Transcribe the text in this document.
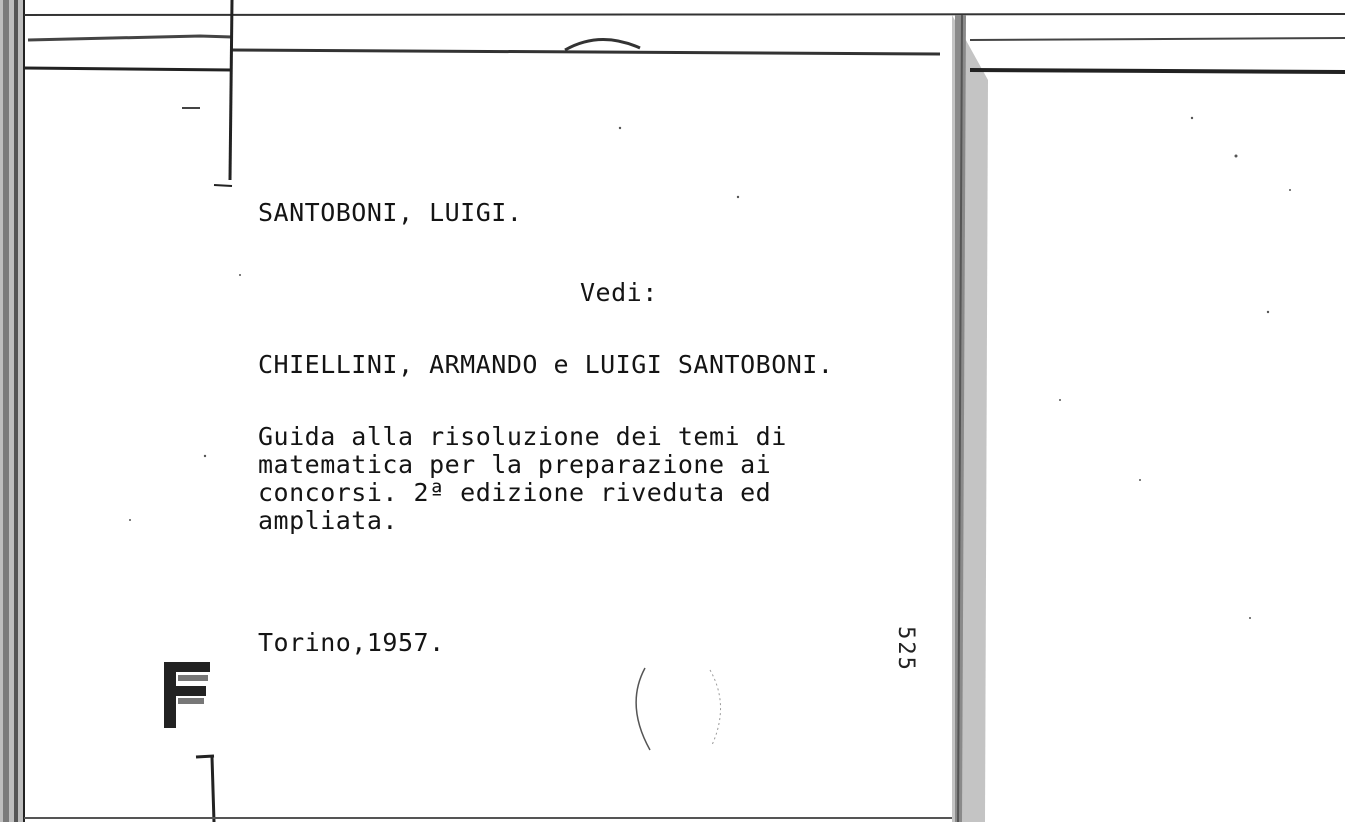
SANTOBONI, LUIGI.
Vedi:
CHIELLINI, ARMANDO e LUIGI SANTOBONI.
Guida alla risoluzione dei temi di
matematica per la preparazione ai
concorsi. 2ª edizione riveduta ed
ampliata.
Torino,1957.	525
